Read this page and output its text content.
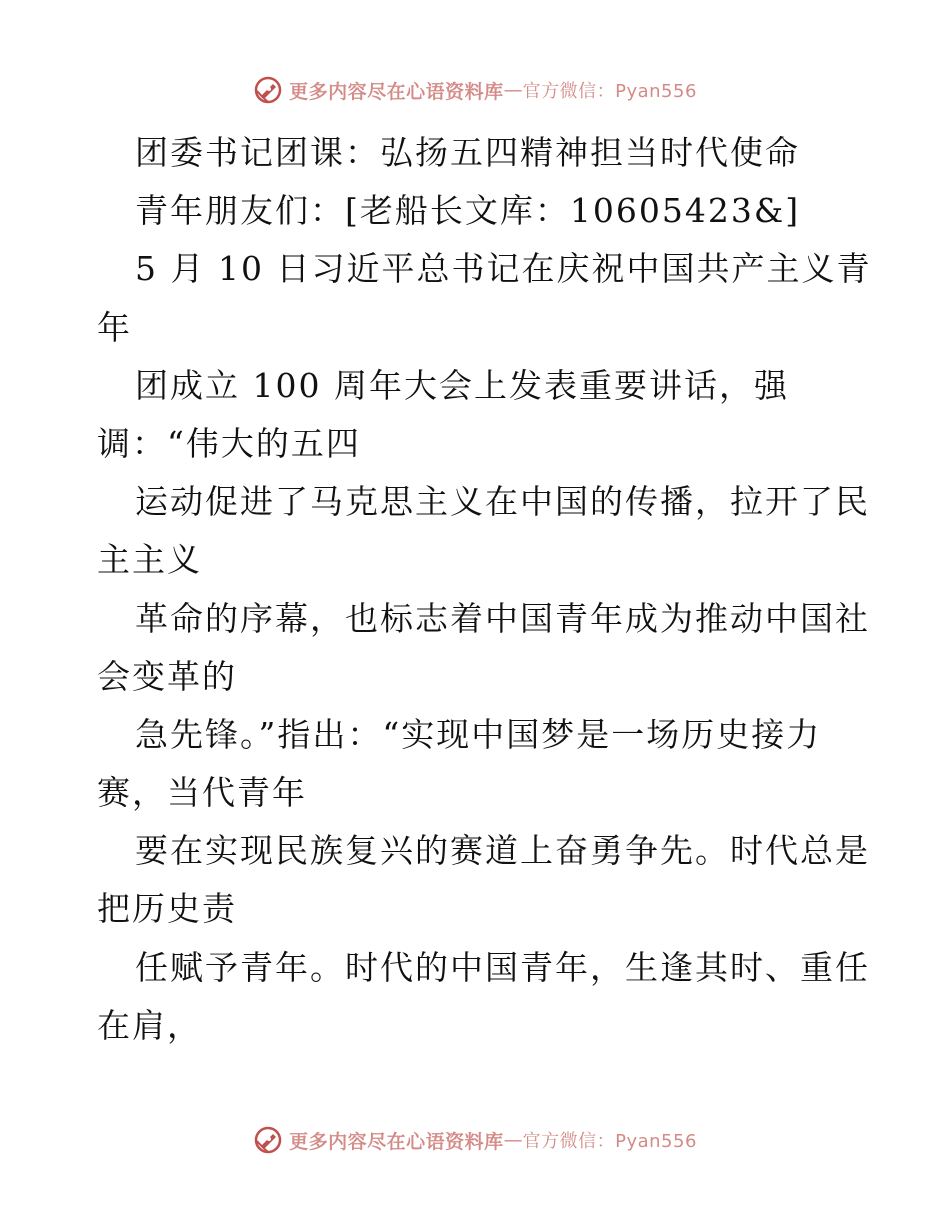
更多内容尽在心语资料库 — 官方微信：Pyan556
团委书记团课：弘扬五四精神担当时代使命
青年朋友们：[老船长文库：10605423&]
5 月 10 日习近平总书记在庆祝中国共产主义青
年
团成立 100 周年大会上发表重要讲话，强
调：“伟大的五四
运动促进了马克思主义在中国的传播，拉开了民
主主义
革命的序幕，也标志着中国青年成为推动中国社
会变革的
急先锋。”指出：“实现中国梦是一场历史接力
赛，当代青年
要在实现民族复兴的赛道上奋勇争先。时代总是
把历史责
任赋予青年。时代的中国青年，生逢其时、重任
在肩，
更多内容尽在心语资料库 — 官方微信：Pyan556
